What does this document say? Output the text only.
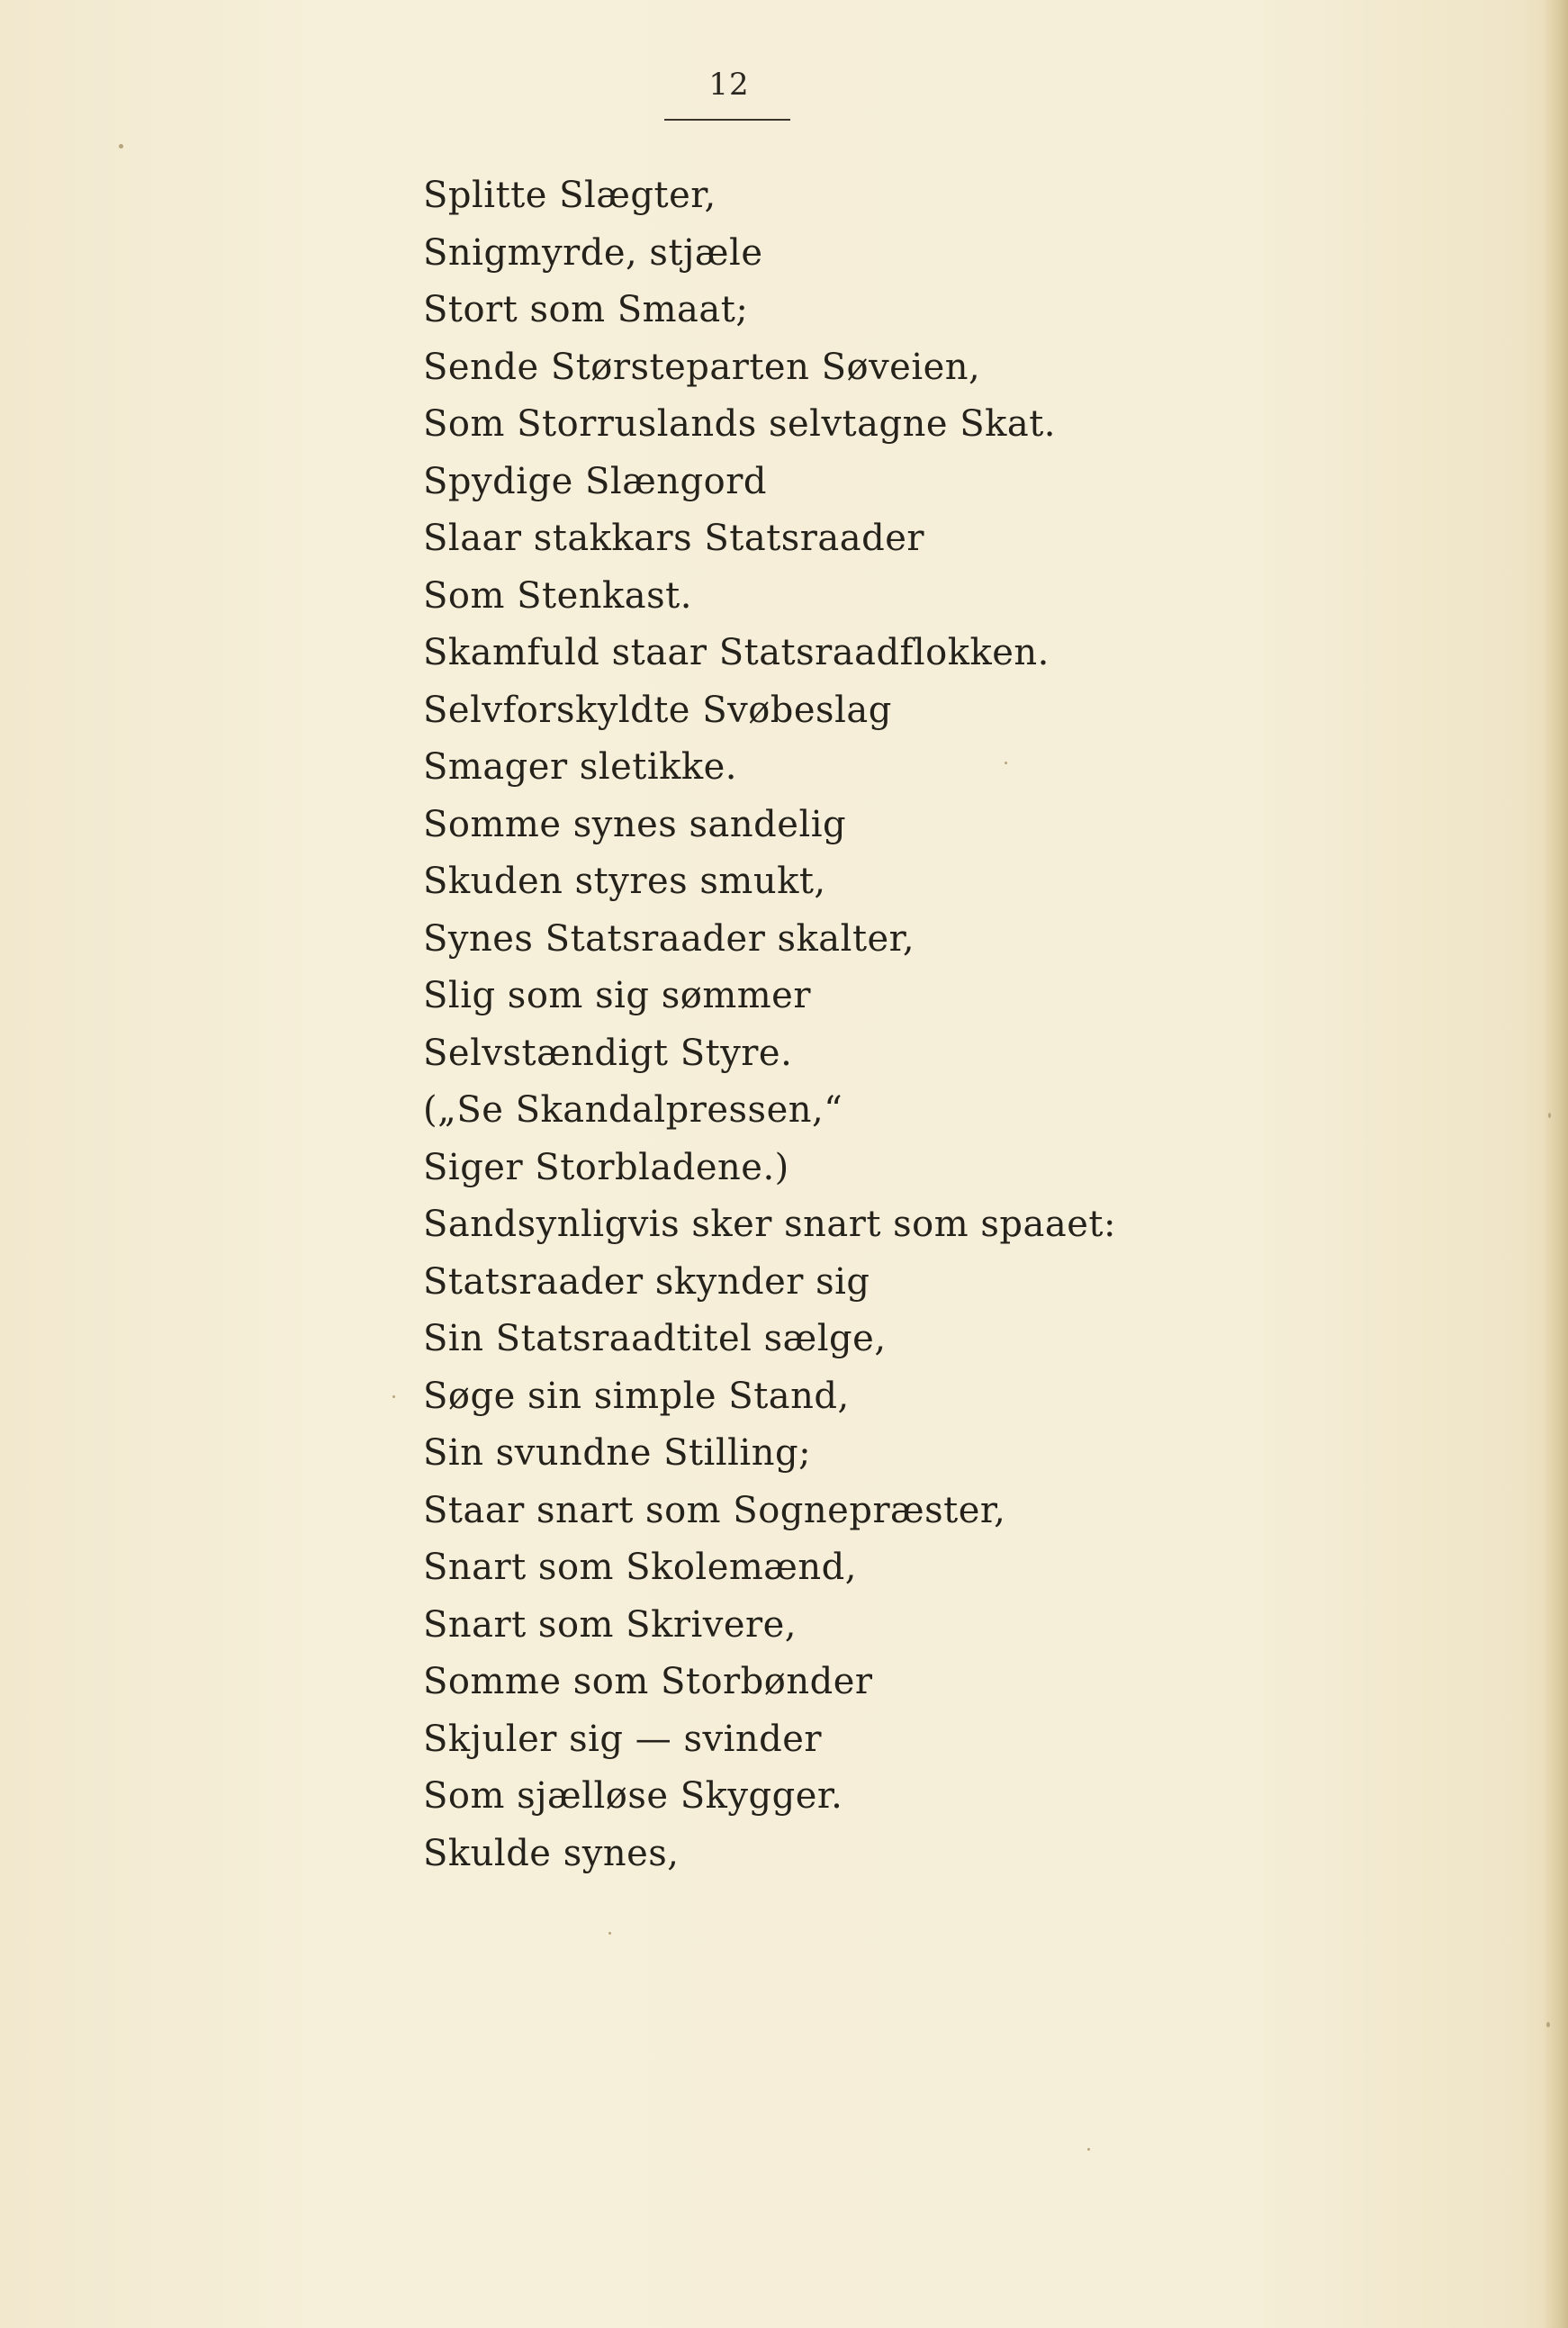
12
Splitte Slægter,
Snigmyrde, stjæle
Stort som Smaat;
Sende Størsteparten Søveien,
Som Storruslands selvtagne Skat.
Spydige Slængord
Slaar stakkars Statsraader
Som Stenkast.
Skamfuld staar Statsraadflokken.
Selvforskyldte Svøbeslag
Smager sletikke.
Somme synes sandelig
Skuden styres smukt,
Synes Statsraader skalter,
Slig som sig sømmer
Selvstændigt Styre.
(„Se Skandalpressen,“
Siger Storbladene.)
Sandsynligvis sker snart som spaaet:
Statsraader skynder sig
Sin Statsraadtitel sælge,
Søge sin simple Stand,
Sin svundne Stilling;
Staar snart som Sognepræster,
Snart som Skolemænd,
Snart som Skrivere,
Somme som Storbønder
Skjuler sig — svinder
Som sjælløse Skygger.
Skulde synes,
